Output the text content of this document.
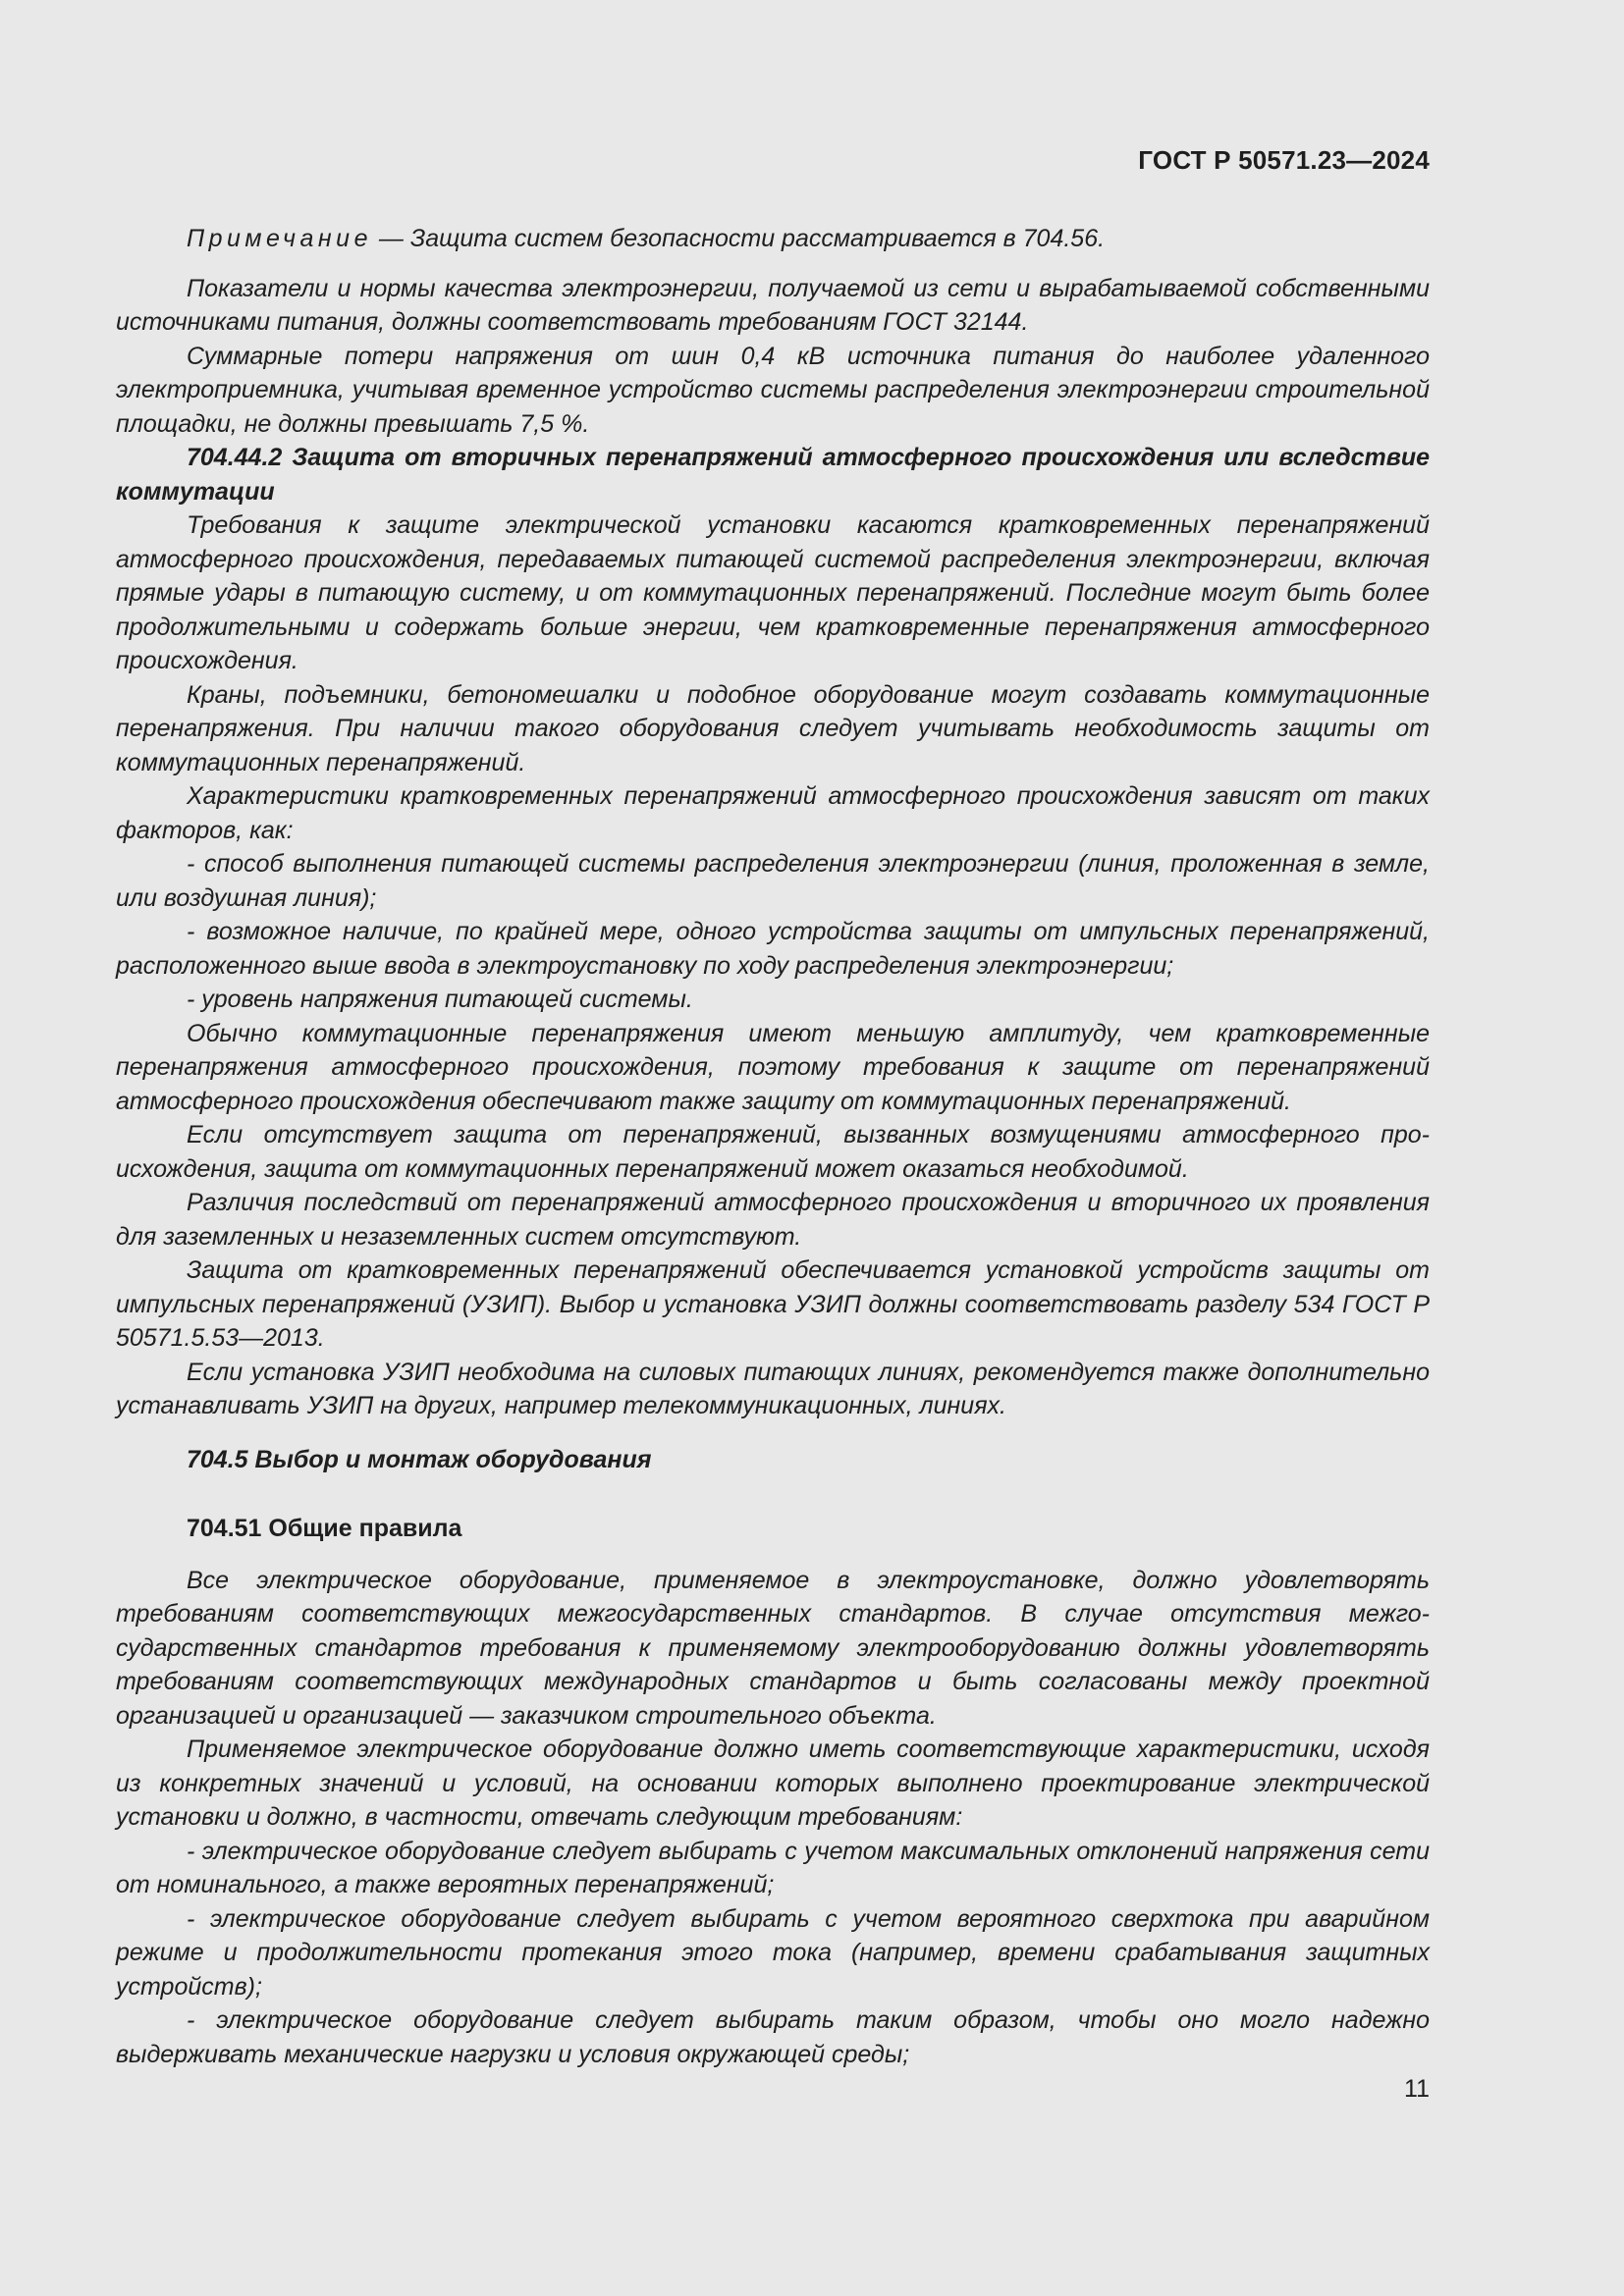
ГОСТ Р 50571.23—2024

Примечание — Защита систем безопасности рассматривается в 704.56.

Показатели и нормы качества электроэнергии, получаемой из сети и вырабатываемой собственными источниками питания, должны соответствовать требованиям ГОСТ 32144.

Суммарные потери напряжения от шин 0,4 кВ источника питания до наиболее удаленного электроприемника, учитывая временное устройство системы распределения электроэнергии строительной площадки, не должны превышать 7,5 %.

704.44.2 Защита от вторичных перенапряжений атмосферного происхождения или вследствие коммутации

Требования к защите электрической установки касаются кратковременных перенапряжений атмосферного происхождения, передаваемых питающей системой распределения электроэнергии, включая прямые удары в питающую систему, и от коммутационных перенапряжений. Последние могут быть более продолжительными и содержать больше энергии, чем кратковременные перенапряжения атмосферного происхождения.

Краны, подъемники, бетономешалки и подобное оборудование могут создавать коммутационные перенапряжения. При наличии такого оборудования следует учитывать необходимость защиты от коммутационных перенапряжений.

Характеристики кратковременных перенапряжений атмосферного происхождения зависят от таких факторов, как:

- способ выполнения питающей системы распределения электроэнергии (линия, проложенная в земле, или воздушная линия);

- возможное наличие, по крайней мере, одного устройства защиты от импульсных перенапряжений, расположенного выше ввода в электроустановку по ходу распределения электроэнергии;

- уровень напряжения питающей системы.

Обычно коммутационные перенапряжения имеют меньшую амплитуду, чем кратковременные перенапряжения атмосферного происхождения, поэтому требования к защите от перенапряжений атмосферного происхождения обеспечивают также защиту от коммутационных перенапряжений.

Если отсутствует защита от перенапряжений, вызванных возмущениями атмосферного происхождения, защита от коммутационных перенапряжений может оказаться необходимой.

Различия последствий от перенапряжений атмосферного происхождения и вторичного их проявления для заземленных и незаземленных систем отсутствуют.

Защита от кратковременных перенапряжений обеспечивается установкой устройств защиты от импульсных перенапряжений (УЗИП). Выбор и установка УЗИП должны соответствовать разделу 534 ГОСТ Р 50571.5.53—2013.

Если установка УЗИП необходима на силовых питающих линиях, рекомендуется также дополнительно устанавливать УЗИП на других, например телекоммуникационных, линиях.

704.5 Выбор и монтаж оборудования

704.51 Общие правила

Все электрическое оборудование, применяемое в электроустановке, должно удовлетворять требованиям соответствующих межгосударственных стандартов. В случае отсутствия межгосударственных стандартов требования к применяемому электрооборудованию должны удовлетворять требованиям соответствующих международных стандартов и быть согласованы между проектной организацией и организацией — заказчиком строительного объекта.

Применяемое электрическое оборудование должно иметь соответствующие характеристики, исходя из конкретных значений и условий, на основании которых выполнено проектирование электрической установки и должно, в частности, отвечать следующим требованиям:

- электрическое оборудование следует выбирать с учетом максимальных отклонений напряжения сети от номинального, а также вероятных перенапряжений;

- электрическое оборудование следует выбирать с учетом вероятного сверхтока при аварийном режиме и продолжительности протекания этого тока (например, времени срабатывания защитных устройств);

- электрическое оборудование следует выбирать таким образом, чтобы оно могло надежно выдерживать механические нагрузки и условия окружающей среды;

11
